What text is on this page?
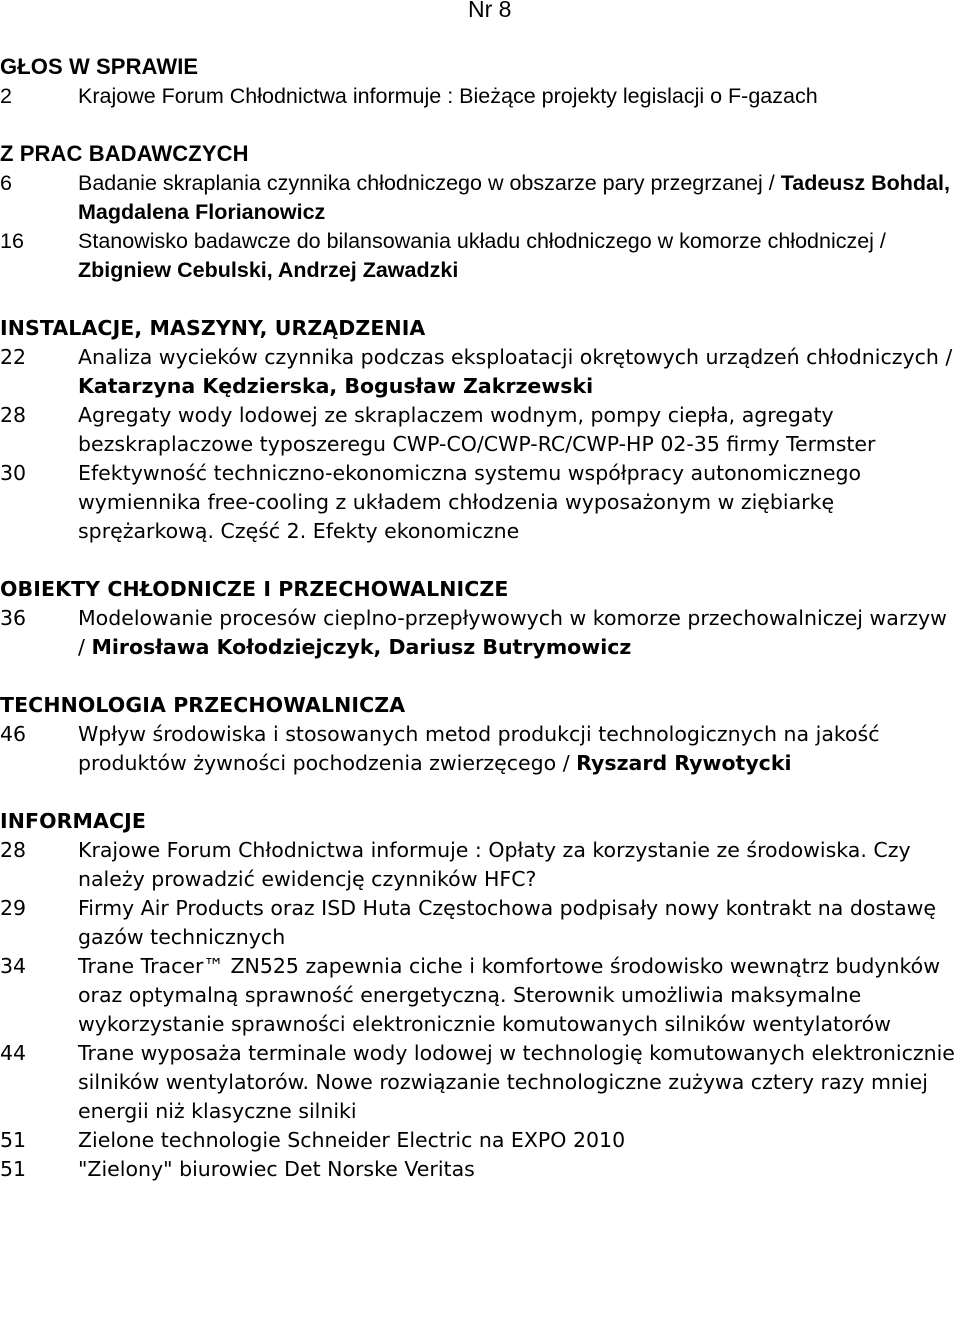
Nr 8

GŁOS W SPRAWIE

2	Krajowe Forum Chłodnictwa informuje : Bieżące projekty legislacji o F-gazach

Z PRAC BADAWCZYCH

6	Badanie skraplania czynnika chłodniczego w obszarze pary przegrzanej / Tadeusz Bohdal, Magdalena Florianowicz
16	Stanowisko badawcze do bilansowania układu chłodniczego w komorze chłodniczej / Zbigniew Cebulski, Andrzej Zawadzki

INSTALACJE, MASZYNY, URZĄDZENIA

22	Analiza wycieków czynnika podczas eksploatacji okrętowych urządzeń chłodniczych / Katarzyna Kędzierska, Bogusław Zakrzewski
28	Agregaty wody lodowej ze skraplaczem wodnym, pompy ciepła, agregaty bezskraplaczowe typoszeregu CWP-CO/CWP-RC/CWP-HP 02-35 firmy Termster
30	Efektywność techniczno-ekonomiczna systemu współpracy autonomicznego wymiennika free-cooling z układem chłodzenia wyposażonym w ziębiarkę sprężarkową. Część 2. Efekty ekonomiczne

OBIEKTY CHŁODNICZE I PRZECHOWALNICZE

36	Modelowanie procesów cieplno-przepływowych w komorze przechowalniczej warzyw / Mirosława Kołodziejczyk, Dariusz Butrymowicz

TECHNOLOGIA PRZECHOWALNICZA

46	Wpływ środowiska i stosowanych metod produkcji technologicznych na jakość produktów żywności pochodzenia zwierzęcego / Ryszard Rywotycki

INFORMACJE

28	Krajowe Forum Chłodnictwa informuje : Opłaty za korzystanie ze środowiska. Czy należy prowadzić ewidencję czynników HFC?
29	Firmy Air Products oraz ISD Huta Częstochowa podpisały nowy kontrakt na dostawę gazów technicznych
34	Trane Tracer™ ZN525 zapewnia ciche i komfortowe środowisko wewnątrz budynków oraz optymalną sprawność energetyczną. Sterownik umożliwia maksymalne wykorzystanie sprawności elektronicznie komutowanych silników wentylatorów
44	Trane wyposaża terminale wody lodowej w technologię komutowanych elektronicznie silników wentylatorów. Nowe rozwiązanie technologiczne zużywa cztery razy mniej energii niż klasyczne silniki
51	Zielone technologie Schneider Electric na EXPO 2010
51	"Zielony" biurowiec Det Norske Veritas
